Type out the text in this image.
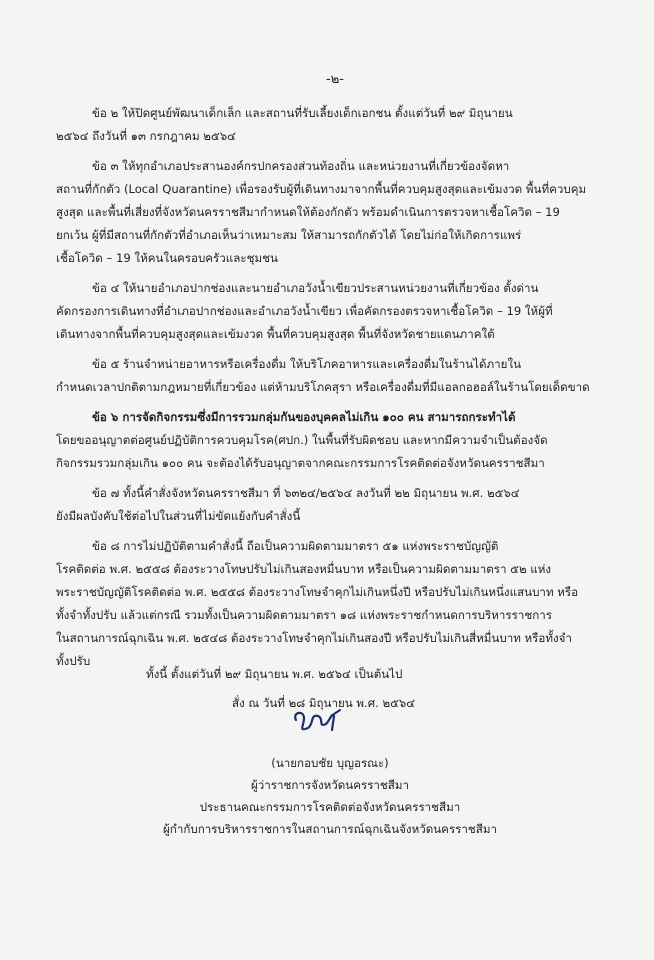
-๒-

ข้อ ๒ ให้ปิดศูนย์พัฒนาเด็กเล็ก และสถานที่รับเลี้ยงเด็กเอกชน ตั้งแต่วันที่ ๒๙ มิถุนายน
๒๕๖๔ ถึงวันที่ ๑๓ กรกฎาคม ๒๕๖๔

ข้อ ๓ ให้ทุกอำเภอประสานองค์กรปกครองส่วนท้องถิ่น และหน่วยงานที่เกี่ยวข้องจัดหา
สถานที่กักตัว (Local Quarantine) เพื่อรองรับผู้ที่เดินทางมาจากพื้นที่ควบคุมสูงสุดและเข้มงวด พื้นที่ควบคุม
สูงสุด และพื้นที่เสี่ยงที่จังหวัดนครราชสีมากำหนดให้ต้องกักตัว พร้อมดำเนินการตรวจหาเชื้อโควิด – 19
ยกเว้น ผู้ที่มีสถานที่กักตัวที่อำเภอเห็นว่าเหมาะสม ให้สามารถกักตัวได้ โดยไม่ก่อให้เกิดการแพร่
เชื้อโควิด – 19 ให้คนในครอบครัวและชุมชน

ข้อ ๔ ให้นายอำเภอปากช่องและนายอำเภอวังน้ำเขียวประสานหน่วยงานที่เกี่ยวข้อง ตั้งด่าน
คัดกรองการเดินทางที่อำเภอปากช่องและอำเภอวังน้ำเขียว เพื่อคัดกรองตรวจหาเชื้อโควิด – 19 ให้ผู้ที่
เดินทางจากพื้นที่ควบคุมสูงสุดและเข้มงวด พื้นที่ควบคุมสูงสุด พื้นที่จังหวัดชายแดนภาคใต้

ข้อ ๕ ร้านจำหน่ายอาหารหรือเครื่องดื่ม ให้บริโภคอาหารและเครื่องดื่มในร้านได้ภายใน
กำหนดเวลาปกติตามกฎหมายที่เกี่ยวข้อง แต่ห้ามบริโภคสุรา หรือเครื่องดื่มที่มีแอลกอฮอล์ในร้านโดยเด็ดขาด

ข้อ ๖ การจัดกิจกรรมซึ่งมีการรวมกลุ่มกันของบุคคลไม่เกิน ๑๐๐ คน สามารถกระทำได้
โดยขออนุญาตต่อศูนย์ปฏิบัติการควบคุมโรค(ศปก.) ในพื้นที่รับผิดชอบ และหากมีความจำเป็นต้องจัด
กิจกรรมรวมกลุ่มเกิน ๑๐๐ คน จะต้องได้รับอนุญาตจากคณะกรรมการโรคติดต่อจังหวัดนครราชสีมา

ข้อ ๗ ทั้งนี้คำสั่งจังหวัดนครราชสีมา ที่ ๖๓๒๔/๒๕๖๔ ลงวันที่ ๒๒ มิถุนายน พ.ศ. ๒๕๖๔
ยังมีผลบังคับใช้ต่อไปในส่วนที่ไม่ขัดแย้งกับคำสั่งนี้

ข้อ ๘ การไม่ปฏิบัติตามคำสั่งนี้ ถือเป็นความผิดตามมาตรา ๕๑ แห่งพระราชบัญญัติ
โรคติดต่อ พ.ศ. ๒๕๕๘ ต้องระวางโทษปรับไม่เกินสองหมื่นบาท หรือเป็นความผิดตามมาตรา ๕๒ แห่ง
พระราชบัญญัติโรคติดต่อ พ.ศ. ๒๕๕๘ ต้องระวางโทษจำคุกไม่เกินหนึ่งปี หรือปรับไม่เกินหนึ่งแสนบาท หรือ
ทั้งจำทั้งปรับ แล้วแต่กรณี รวมทั้งเป็นความผิดตามมาตรา ๑๘ แห่งพระราชกำหนดการบริหารราชการ
ในสถานการณ์ฉุกเฉิน พ.ศ. ๒๕๔๘ ต้องระวางโทษจำคุกไม่เกินสองปี หรือปรับไม่เกินสี่หมื่นบาท หรือทั้งจำ
ทั้งปรับ

ทั้งนี้ ตั้งแต่วันที่ ๒๙ มิถุนายน พ.ศ. ๒๕๖๔ เป็นต้นไป
สั่ง ณ วันที่ ๒๘ มิถุนายน พ.ศ. ๒๕๖๔
(นายกอบชัย บุญอรณะ)
ผู้ว่าราชการจังหวัดนครราชสีมา
ประธานคณะกรรมการโรคติดต่อจังหวัดนครราชสีมา
ผู้กำกับการบริหารราชการในสถานการณ์ฉุกเฉินจังหวัดนครราชสีมา
